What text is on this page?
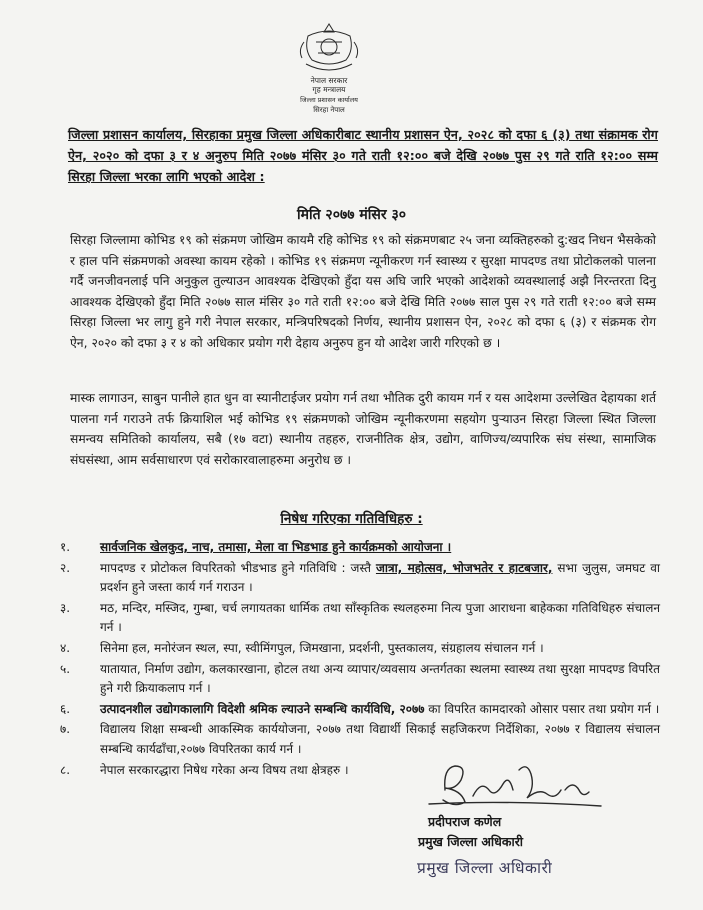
नेपाल सरकार
गृह मन्त्रालय
जिल्ला प्रशासन कार्यालय
सिरहा नेपाल
जिल्ला प्रशासन कार्यालय, सिरहाका प्रमुख जिल्ला अधिकारीबाट स्थानीय प्रशासन ऐन, २०२८ को दफा ६ (३) तथा संक्रामक रोग ऐन, २०२० को दफा ३ र ४ अनुरुप मिति २०७७ मंसिर ३० गते राती १२:०० बजे देखि २०७७ पुस २९ गते राति १२:०० सम्म सिरहा जिल्ला भरका लागि भएको आदेश :
मिति २०७७ मंसिर ३०
सिरहा जिल्लामा कोभिड १९ को संक्रमण जोखिम कायमै रहि कोभिड १९ को संक्रमणबाट २५ जना व्यक्तिहरुको दु:खद निधन भैसकेको र हाल पनि संक्रमणको अवस्था कायम रहेको । कोभिड १९ संक्रमण न्यूनीकरण गर्न स्वास्थ्य र सुरक्षा मापदण्ड तथा प्रोटोकलको पालना गर्दै जनजीवनलाई पनि अनुकुल तुल्याउन आवश्यक देखिएको हुँदा यस अघि जारि भएको आदेशको व्यवस्थालाई अझै निरन्तरता दिनु आवश्यक देखिएको हुँदा मिति २०७७ साल मंसिर ३० गते राती १२:०० बजे देखि मिति २०७७ साल पुस २९ गते राती १२:०० बजे सम्म सिरहा जिल्ला भर लागु हुने गरी नेपाल सरकार, मन्त्रिपरिषदको निर्णय, स्थानीय प्रशासन ऐन, २०२८ को दफा ६ (३) र संक्रमक रोग ऐन, २०२० को दफा ३ र ४ को अधिकार प्रयोग गरी देहाय अनुरुप हुन यो आदेश जारी गरिएको छ ।
मास्क लागाउन, साबुन पानीले हात धुन वा स्यानीटाईजर प्रयोग गर्न तथा भौतिक दुरी कायम गर्न र यस आदेशमा उल्लेखित देहायका शर्त पालना गर्न गराउने तर्फ क्रियाशिल भई कोभिड १९ संक्रमणको जोखिम न्यूनीकरणमा सहयोग पुर्‍याउन सिरहा जिल्ला स्थित जिल्ला समन्वय समितिको कार्यालय, सबै (१७ वटा) स्थानीय तहहरु, राजनीतिक क्षेत्र, उद्योग, वाणिज्य/व्यपारिक संघ संस्था, सामाजिक संघसंस्था, आम सर्वसाधारण एवं सरोकारवालाहरुमा अनुरोध छ ।
निषेध गरिएका गतिविधिहरु :
१.	सार्वजनिक खेलकुद, नाच, तमासा, मेला वा भिडभाड हुने कार्यक्रमको आयोजना ।
२.	मापदण्ड र प्रोटोकल विपरितको भीडभाड हुने गतिविधि : जस्तै जात्रा, महोत्सव, भोजभतेर र हाटबजार, सभा जुलुस, जमघट वा प्रदर्शन हुने जस्ता कार्य गर्न गराउन ।
३.	मठ, मन्दिर, मस्जिद, गुम्बा, चर्च लगायतका धार्मिक तथा साँस्कृतिक स्थलहरुमा नित्य पुजा आराधना बाहेकका गतिविधिहरु संचालन गर्न ।
४.	सिनेमा हल, मनोरंजन स्थल, स्पा, स्वीमिंगपुल, जिमखाना, प्रदर्शनी, पुस्तकालय, संग्रहालय संचालन गर्न ।
५.	यातायात, निर्माण उद्योग, कलकारखाना, होटल तथा अन्य व्यापार/व्यवसाय अन्तर्गतका स्थलमा स्वास्थ्य तथा सुरक्षा मापदण्ड विपरित हुने गरी क्रियाकलाप गर्न ।
६.	उत्पादनशील उद्योगकालागि विदेशी श्रमिक ल्याउने सम्बन्धि कार्यविधि, २०७७ का विपरित कामदारको ओसार पसार तथा प्रयोग गर्न ।
७.	विद्यालय शिक्षा सम्बन्धी आकस्मिक कार्ययोजना, २०७७ तथा विद्यार्थी सिकाई सहजिकरण निर्देशिका, २०७७ र विद्यालय संचालन सम्बन्धि कार्यढाँचा,२०७७ विपरितका कार्य गर्न ।
८.	नेपाल सरकारद्धारा निषेध गरेका अन्य विषय तथा क्षेत्रहरु ।
प्रदीपराज कणेल
प्रमुख जिल्ला अधिकारी
प्रमुख जिल्ला अधिकारी
